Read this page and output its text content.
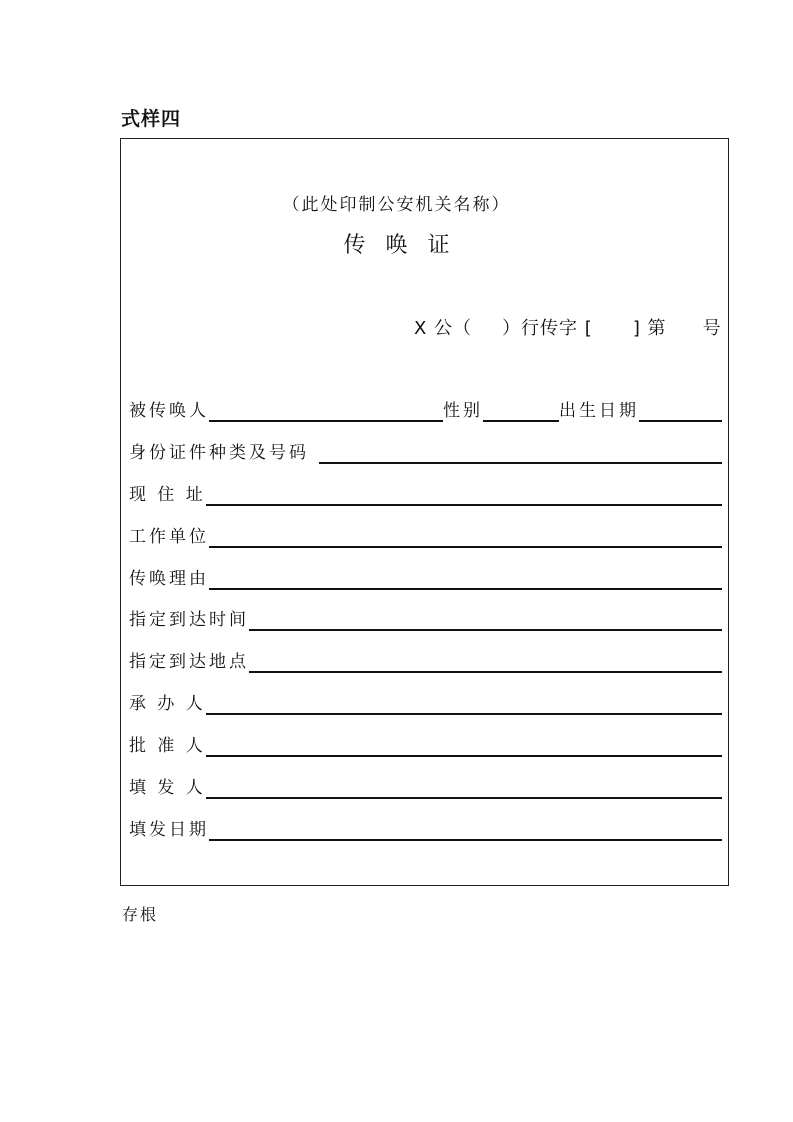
式样四
（此处印制公安机关名称）
传唤证
X 公（ ）行传字 [ ] 第 号
被传唤人	性别	出生日期
身份证件种类及号码
现 住 址
工作单位
传唤理由
指定到达时间
指定到达地点
承 办 人
批 准 人
填 发 人
填发日期
存根
